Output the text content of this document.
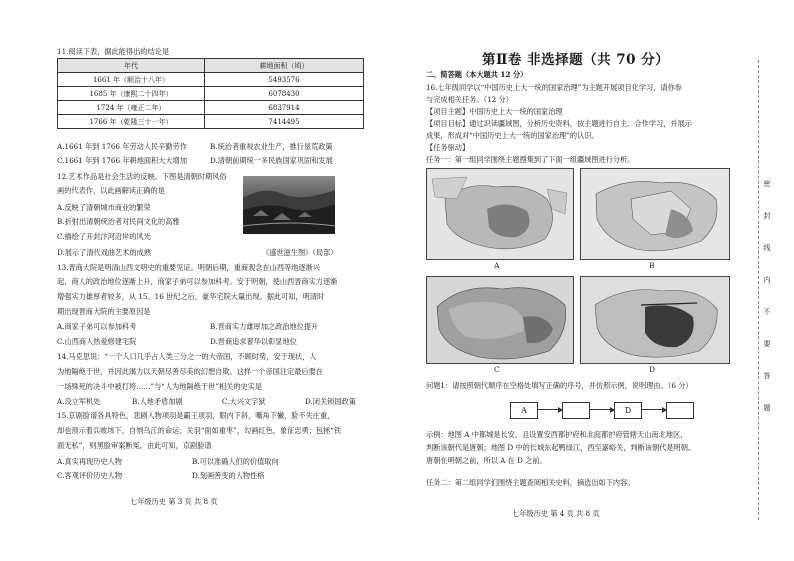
11.阅读下表，据此能得出的结论是
年代	耕地面积（顷）
1661 年（顺治十八年）	5493576
1685 年（康熙二十四年）	6078430
1724 年（雍正二年）	6837914
1766 年（乾隆三十一年）	7414495
A.1661 年到 1766 年劳动人民辛勤劳作	B.统治者重视农业生产，推行垦荒政策
C.1661 年到 1766 年耕地面积大大增加	D.清朝前期统一多民族国家巩固和发展
12.艺术作品是社会生活的反映。下图是清朝时期风俗
画的代表作，以此画解读正确的是
A.反映了清朝城市商业的繁荣
B.折射出清朝统治者对民间文化的高雅
C.描绘了开封汴河沿岸的风光
D.展示了清代戏曲艺术的成熟	《盛世滋生图》（局部）
13.晋商大院是明清山西文明史的重要见证。明朝后期，重商观念在山西等地逐渐兴
起，商人的政治地位逐渐上升，商家子弟可以参加科考。安于明朝，使山西晋商实力逐渐
增强实力雄厚者较多，从 15、16 世纪之后，豪华宅院大量出现。据此可知，明清时
期出现晋商大院的主要原因是
A.商家子弟可以参加科考	B.晋商实力雄厚加之政治地位提升
C.山西商人热爱修建宅院	D.晋商追求奢华以彰显地位
14.马克思说：“一个人口几乎占人类三分之一的大帝国，不顾时势，安于现状，人
为地隔绝于世，并因此竭力以天朝尽善尽美的幻想自欺。这样一个帝国注定最后要在
一场殊死的决斗中被打垮……”与“人为地隔绝于世”相关的史实是
A.设立军机处	B.人地矛盾加剧	C.大兴文字狱	D.闭关锁国政策
15.京剧脸谱各具特色，悲剧人物项羽是霸王项羽，眼内下斜，嘴角下撇，脸不失庄重，
却也预示着兵败垓下，自刎乌江的命运；关羽“面如重枣”，勾画红色，象征忠勇；包拯“铁
面无私”，则黑脸审案断冤。由此可知，京剧脸谱
A.真实再现历史人物	B.可以准确人们的价值取向
C.客观评价历史人物	D.刻画善变的人物性格
七年级历史 第 3 页 共 8 页
第Ⅱ卷 非选择题（共 70 分）
二、简答题（本大题共 12 分）
16.七年级同学以“中国历史上大一统的国家治理”为主题开展项目化学习，请你参
与完成相关任务。（12 分）
【项目主题】中国历史上大一统的国家治理
【项目目标】通过识读疆域图，分析历史资料，按主题进行自主、合作学习，并展示
成果，形成对“中国历史上大一统的国家治理”的认识。
【任务驱动】
任务一：第一组同学围绕主题搜集到了下面一组疆域图进行分析。
A	B
C	D
问题1：请按照朝代顺序在空格处填写正确的序号，并仿照示例，说明理由。（6 分）
A	D
示例：地图 A 中都城是长安，且设置安西都护府和北庭都护府管辖天山南北地区，
判断该朝代是唐朝；地图 D 中的长城东起鸭绿江，西至嘉峪关，判断该朝代是明朝。
唐朝在明朝之前，所以 A 在 D 之前。
任务二：第二组同学们围绕主题查阅相关史料，摘选出如下内容。
七年级历史 第 4 页 共 8 页
密
封
线
内
不
要
答
题
